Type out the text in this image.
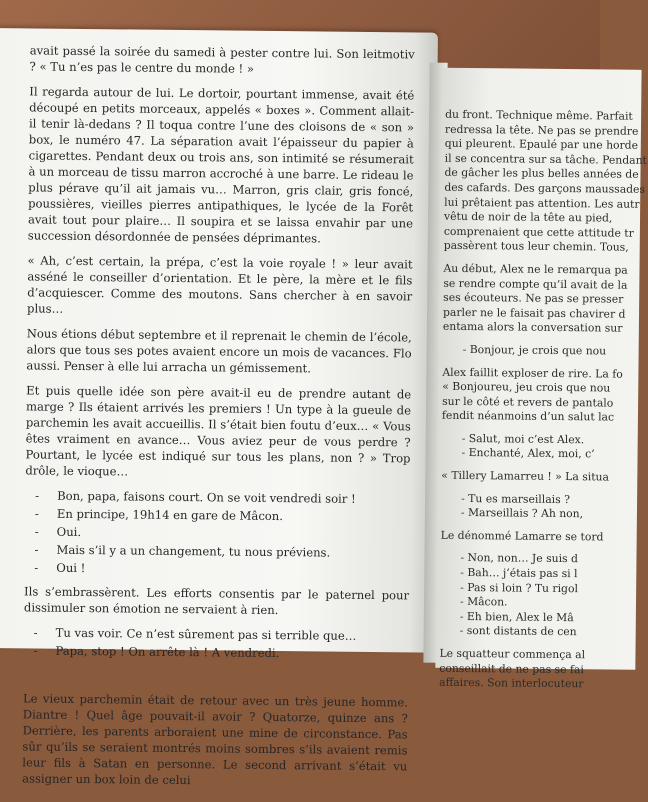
avait passé la soirée du samedi à pester contre lui. Son leitmotiv ? « Tu n’es pas le centre du monde ! »

Il regarda autour de lui. Le dortoir, pourtant immense, avait été découpé en petits morceaux, appelés « boxes ». Comment allait-il tenir là-dedans ? Il toqua contre l’une des cloisons de « son » box, le numéro 47. La séparation avait l’épaisseur du papier à cigarettes. Pendant deux ou trois ans, son intimité se résumerait à un morceau de tissu marron accroché à une barre. Le rideau le plus pérave qu’il ait jamais vu… Marron, gris clair, gris foncé, poussières, vieilles pierres antipathiques, le lycée de la Forêt avait tout pour plaire… Il soupira et se laissa envahir par une succession désordonnée de pensées déprimantes.

« Ah, c’est certain, la prépa, c’est la voie royale ! » leur avait asséné le conseiller d’orientation. Et le père, la mère et le fils d’acquiescer. Comme des moutons. Sans chercher à en savoir plus…

Nous étions début septembre et il reprenait le chemin de l’école, alors que tous ses potes avaient encore un mois de vacances. Flo aussi. Penser à elle lui arracha un gémissement.

Et puis quelle idée son père avait-il eu de prendre autant de marge ? Ils étaient arrivés les premiers ! Un type à la gueule de parchemin les avait accueillis. Il s’était bien foutu d’eux… « Vous êtes vraiment en avance… Vous aviez peur de vous perdre ? Pourtant, le lycée est indiqué sur tous les plans, non ? » Trop drôle, le vioque…

- Bon, papa, faisons court. On se voit vendredi soir !
- En principe, 19h14 en gare de Mâcon.
- Oui.
- Mais s’il y a un changement, tu nous préviens.
- Oui !

Ils s’embrassèrent. Les efforts consentis par le paternel pour dissimuler son émotion ne servaient à rien.

- Tu vas voir. Ce n’est sûrement pas si terrible que…
- Papa, stop ! On arrête là ! A vendredi.

Le vieux parchemin était de retour avec un très jeune homme. Diantre ! Quel âge pouvait-il avoir ? Quatorze, quinze ans ? Derrière, les parents arboraient une mine de circonstance. Pas sûr qu’ils se seraient montrés moins sombres s’ils avaient remis leur fils à Satan en personne. Le second arrivant s’était vu assigner un box loin de celui

du front. Technique même. Parfait
redressa la tête. Ne pas se prendre
qui pleurent. Epaulé par une horde
il se concentra sur sa tâche. Pendant
de gâcher les plus belles années de
des cafards. Des garçons maussades
lui prêtaient pas attention. Les autr
vêtu de noir de la tête au pied,
comprenaient que cette attitude tr
passèrent tous leur chemin. Tous,
Au début, Alex ne le remarqua pa
se rendre compte qu’il avait de la
ses écouteurs. Ne pas se presser
parler ne le faisait pas chavirer d
entama alors la conversation sur
- Bonjour, je crois que nou
Alex faillit exploser de rire. La fo
« Bonjoureu, jeu crois que nou
sur le côté et revers de pantalo
fendit néanmoins d’un salut lac
- Salut, moi c’est Alex.
- Enchanté, Alex, moi, c’
« Tillery Lamarreu ! » La situa
- Tu es marseillais ?
- Marseillais ? Ah non,
Le dénommé Lamarre se tord
- Non, non… Je suis d
- Bah… j’étais pas si l
- Pas si loin ? Tu rigol
- Mâcon.
- Eh bien, Alex le Mâ
- sont distants de cen
Le squatteur commença al
conseillait de ne pas se fai
affaires. Son interlocuteur
